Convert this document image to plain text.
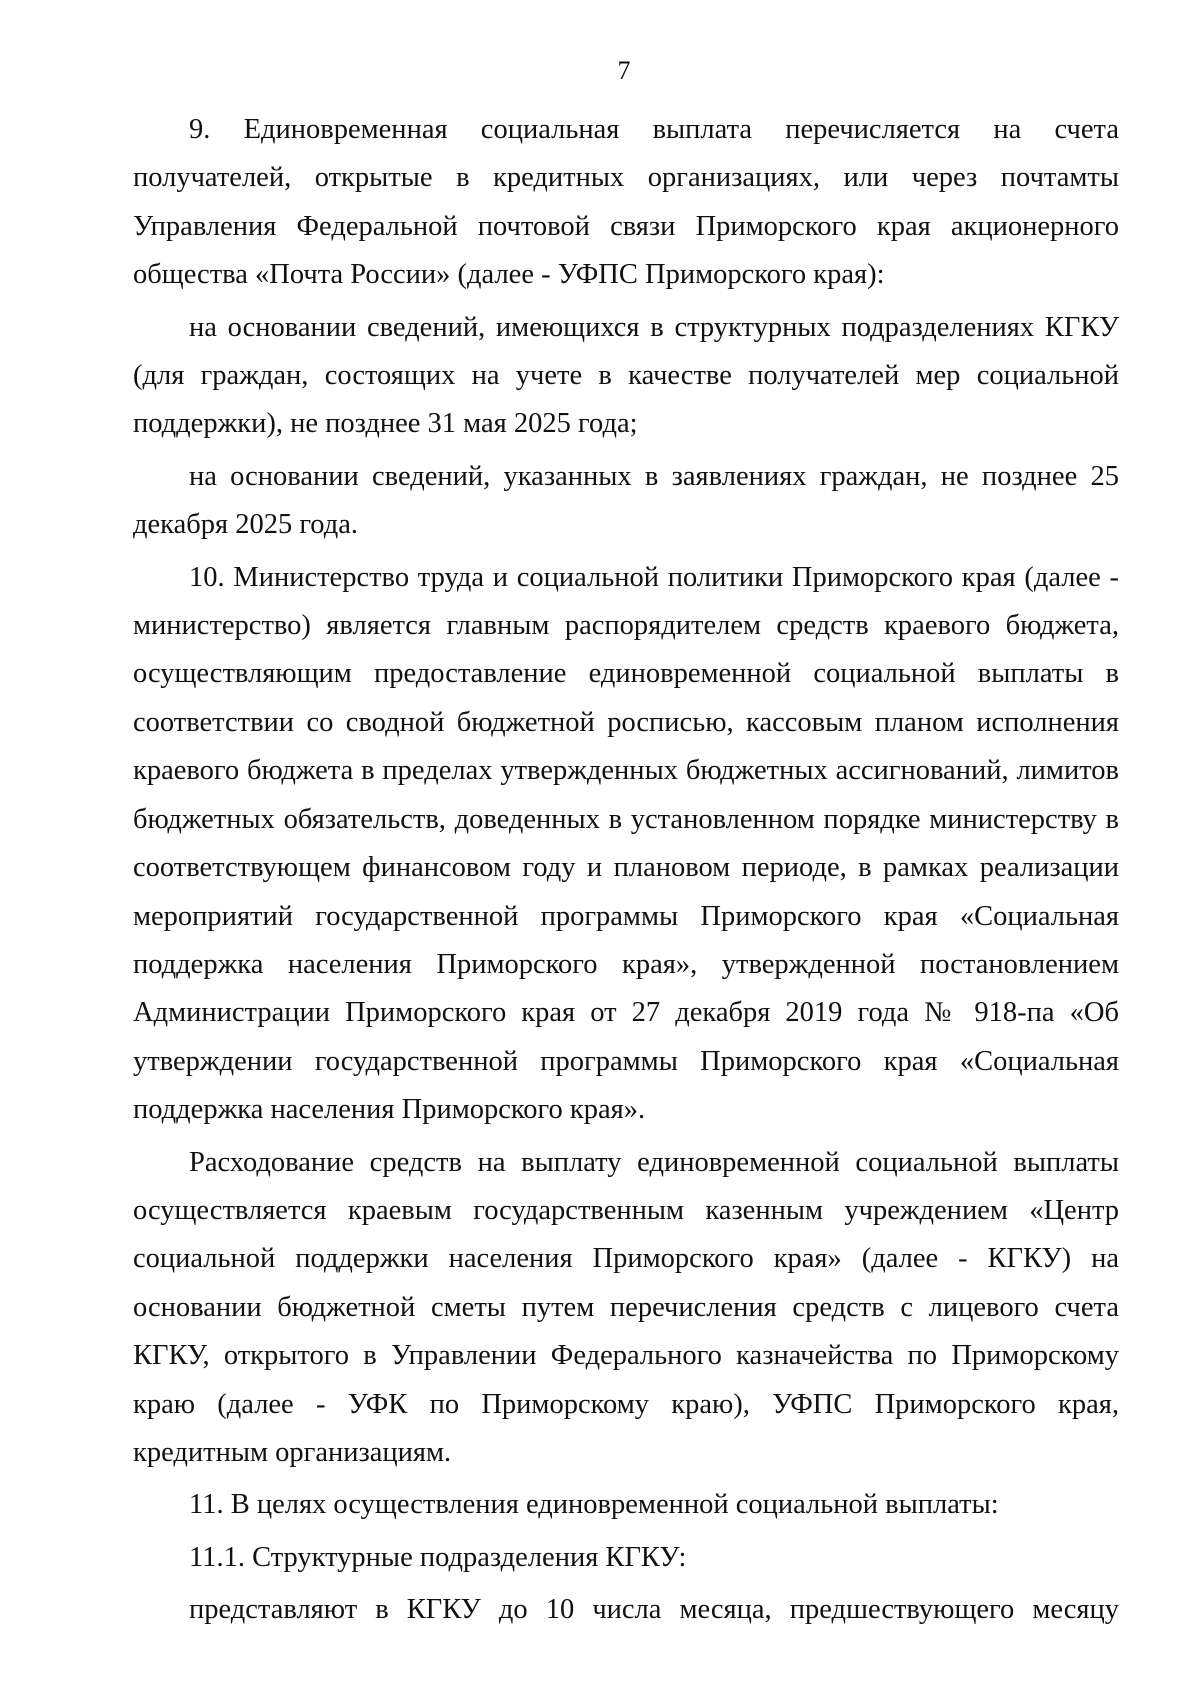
7

9. Единовременная социальная выплата перечисляется на счета получателей, открытые в кредитных организациях, или через почтамты Управления Федеральной почтовой связи Приморского края акционерного общества «Почта России» (далее - УФПС Приморского края):

на основании сведений, имеющихся в структурных подразделениях КГКУ (для граждан, состоящих на учете в качестве получателей мер социальной поддержки), не позднее 31 мая 2025 года;

на основании сведений, указанных в заявлениях граждан, не позднее 25 декабря 2025 года.

10. Министерство труда и социальной политики Приморского края (далее - министерство) является главным распорядителем средств краевого бюджета, осуществляющим предоставление единовременной социальной выплаты в соответствии со сводной бюджетной росписью, кассовым планом исполнения краевого бюджета в пределах утвержденных бюджетных ассигнований, лимитов бюджетных обязательств, доведенных в установленном порядке министерству в соответствующем финансовом году и плановом периоде, в рамках реализации мероприятий государственной программы Приморского края «Социальная поддержка населения Приморского края», утвержденной постановлением Администрации Приморского края от 27 декабря 2019 года № 918-па «Об утверждении государственной программы Приморского края «Социальная поддержка населения Приморского края».

Расходование средств на выплату единовременной социальной выплаты осуществляется краевым государственным казенным учреждением «Центр социальной поддержки населения Приморского края» (далее - КГКУ) на основании бюджетной сметы путем перечисления средств с лицевого счета КГКУ, открытого в Управлении Федерального казначейства по Приморскому краю (далее - УФК по Приморскому краю), УФПС Приморского края, кредитным организациям.

11. В целях осуществления единовременной социальной выплаты:

11.1. Структурные подразделения КГКУ:

представляют в КГКУ до 10 числа месяца, предшествующего месяцу
